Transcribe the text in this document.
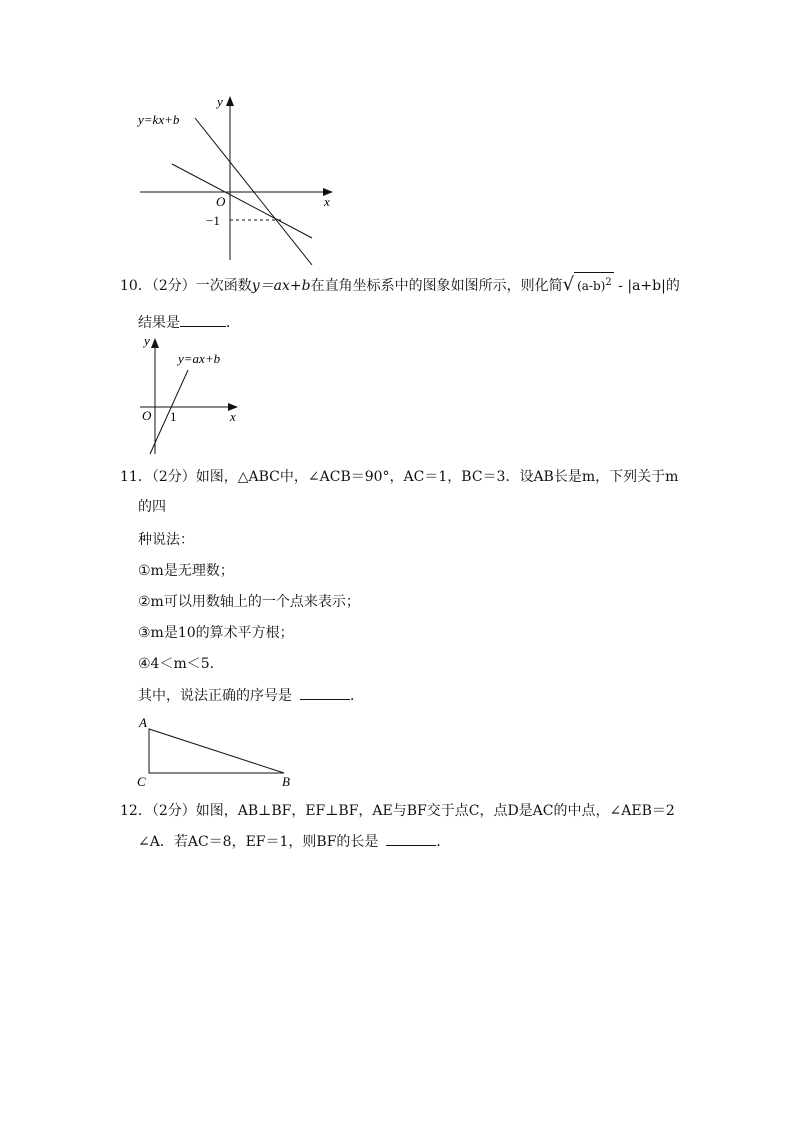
y=kx+b
y
x
O
−1
10．（2分）一次函数y＝ax+b在直角坐标系中的图象如图所示，则化简√ $(a-b)^2 - |a+b|$的
结果是	．
y=ax+b
y
x
O 1
11．（2分）如图，△ABC中，∠ACB＝90°，AC＝1，BC＝3．设AB长是m，下列关于m
的四
种说法：
①m是无理数；
②m可以用数轴上的一个点来表示；
③m是10的算术平方根；
④4＜m＜5．
其中，说法正确的序号是	．
A
C	B
12．（2分）如图，AB⊥BF，EF⊥BF，AE与BF交于点C，点D是AC的中点，∠AEB＝2
∠A．若AC＝8，EF＝1，则BF的长是	．
